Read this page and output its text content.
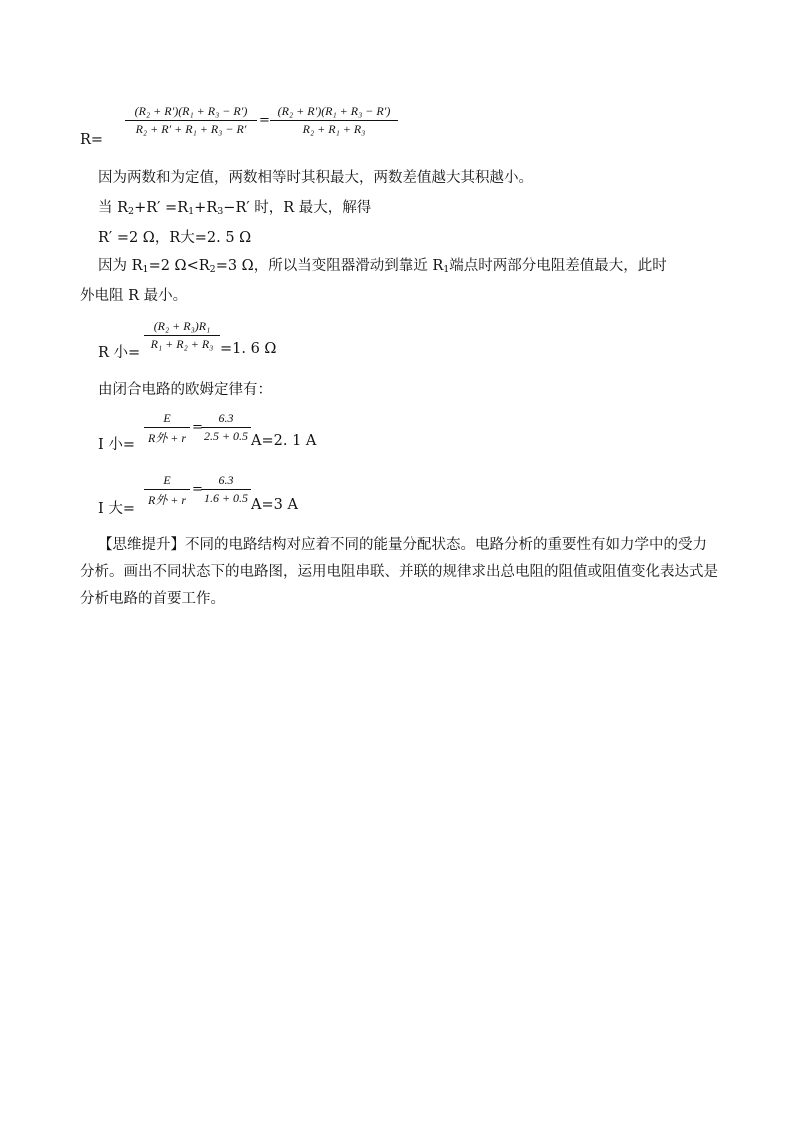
R=
$\frac{\text{(R₂ + R′)(R₁ + R₃ − R′)}}{\text{R₂ + R′ + R₁ + R₃ − R′}} = \frac{\text{(R₂ + R′)(R₁ + R₃ − R′)}}{\text{R₂ + R₁ + R₃}}$
因为两数和为定值，两数相等时其积最大，两数差值越大其积越小。
当 $R_2+R' =R_1+R_3-R'$ 时，R 最大，解得
R′ =2 Ω，R大=2. 5 Ω
因为 $R_1=2$ $\Omega<R_2=3$ Ω，所以当变阻器滑动到靠近 $R_1$端点时两部分电阻差值最大，此时
外电阻 R 最小。
R 小=
$\frac{\text{(R₂ + R₃)R₁}}{\text{R₁ + R₂ + R₃}} =1$. 6 Ω
由闭合电路的欧姆定律有：
I 小=
E
R外 + r
=
$\frac{6.3}{2.5 + 0.5} A=2$. 1 A
I 大=
E
R外 + r
=
$\frac{6.3}{1.6 + 0.5} A=3$ A
【思维提升】不同的电路结构对应着不同的能量分配状态。电路分析的重要性有如力学中的受力分析。画出不同状态下的电路图，运用电阻串联、并联的规律求出总电阻的阻值或阻值变化表达式是分析电路的首要工作。
